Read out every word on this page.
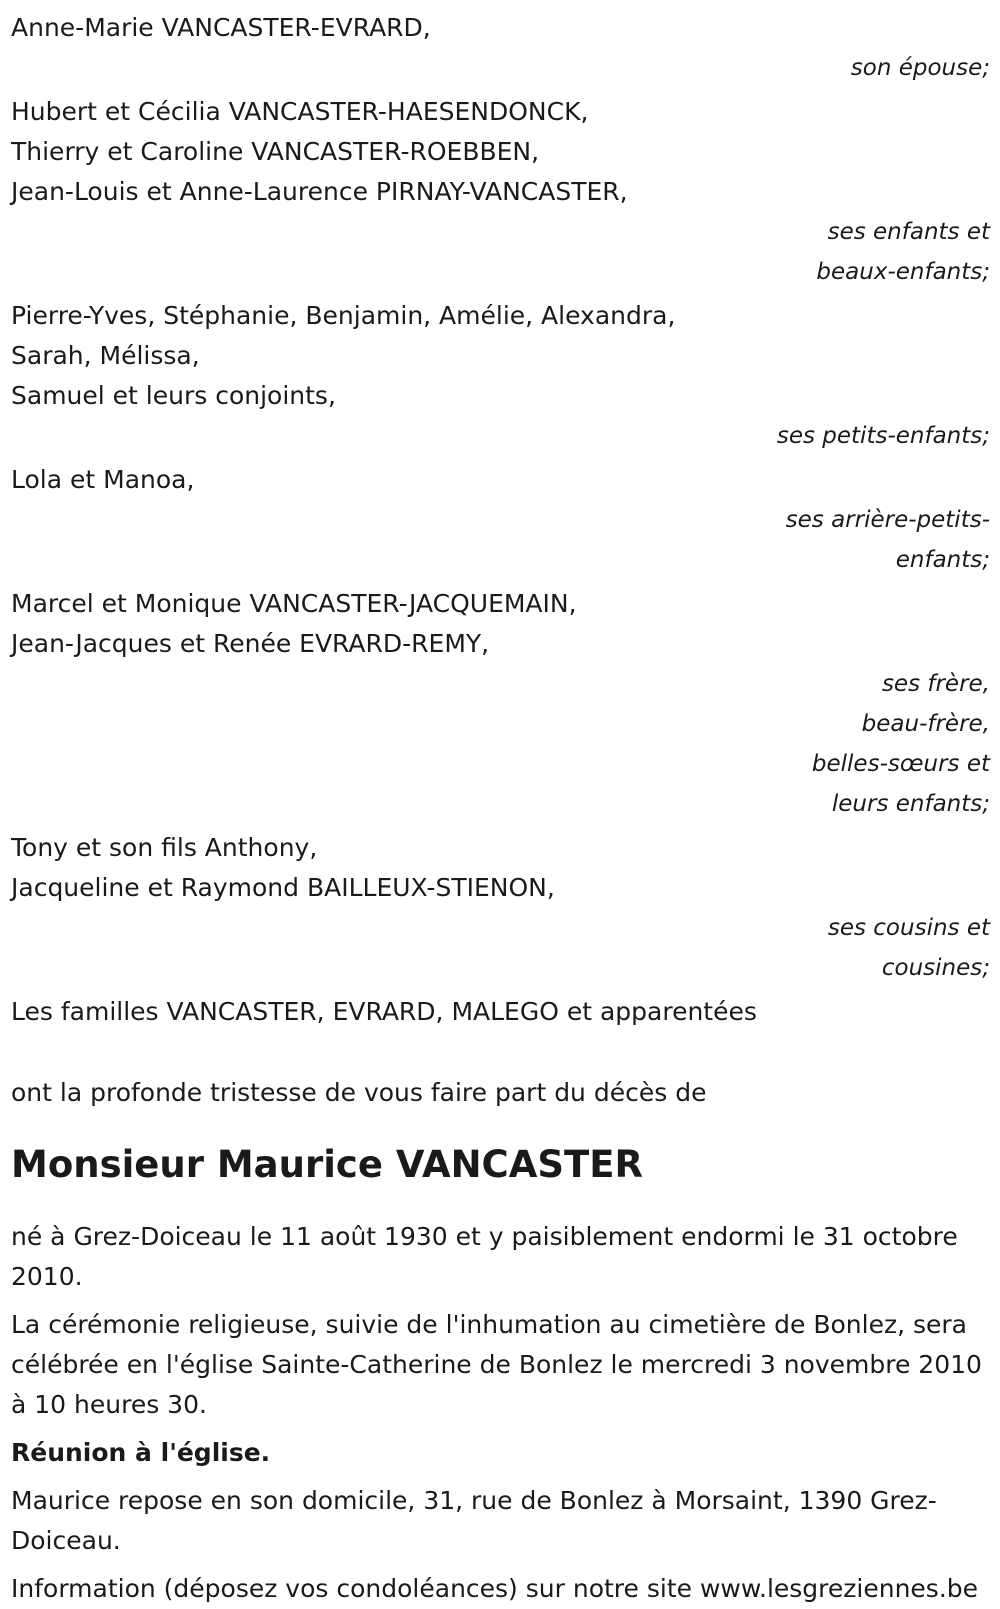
Anne-Marie VANCASTER-EVRARD,
son épouse;
Hubert et Cécilia VANCASTER-HAESENDONCK,
Thierry et Caroline VANCASTER-ROEBBEN,
Jean-Louis et Anne-Laurence PIRNAY-VANCASTER,
ses enfants et
beaux-enfants;
Pierre-Yves, Stéphanie, Benjamin, Amélie, Alexandra,
Sarah, Mélissa,
Samuel et leurs conjoints,
ses petits-enfants;
Lola et Manoa,
ses arrière-petits-
enfants;
Marcel et Monique VANCASTER-JACQUEMAIN,
Jean-Jacques et Renée EVRARD-REMY,
ses frère,
beau-frère,
belles-sœurs et
leurs enfants;
Tony et son fils Anthony,
Jacqueline et Raymond BAILLEUX-STIENON,
ses cousins et
cousines;
Les familles VANCASTER, EVRARD, MALEGO et apparentées
ont la profonde tristesse de vous faire part du décès de
Monsieur Maurice VANCASTER

né à Grez-Doiceau le 11 août 1930 et y paisiblement endormi le 31 octobre 2010.

La cérémonie religieuse, suivie de l'inhumation au cimetière de Bonlez, sera célébrée en l'église Sainte-Catherine de Bonlez le mercredi 3 novembre 2010 à 10 heures 30.

Réunion à l'église.

Maurice repose en son domicile, 31, rue de Bonlez à Morsaint, 1390 Grez-Doiceau.

Information (déposez vos condoléances) sur notre site www.lesgreziennes.be
